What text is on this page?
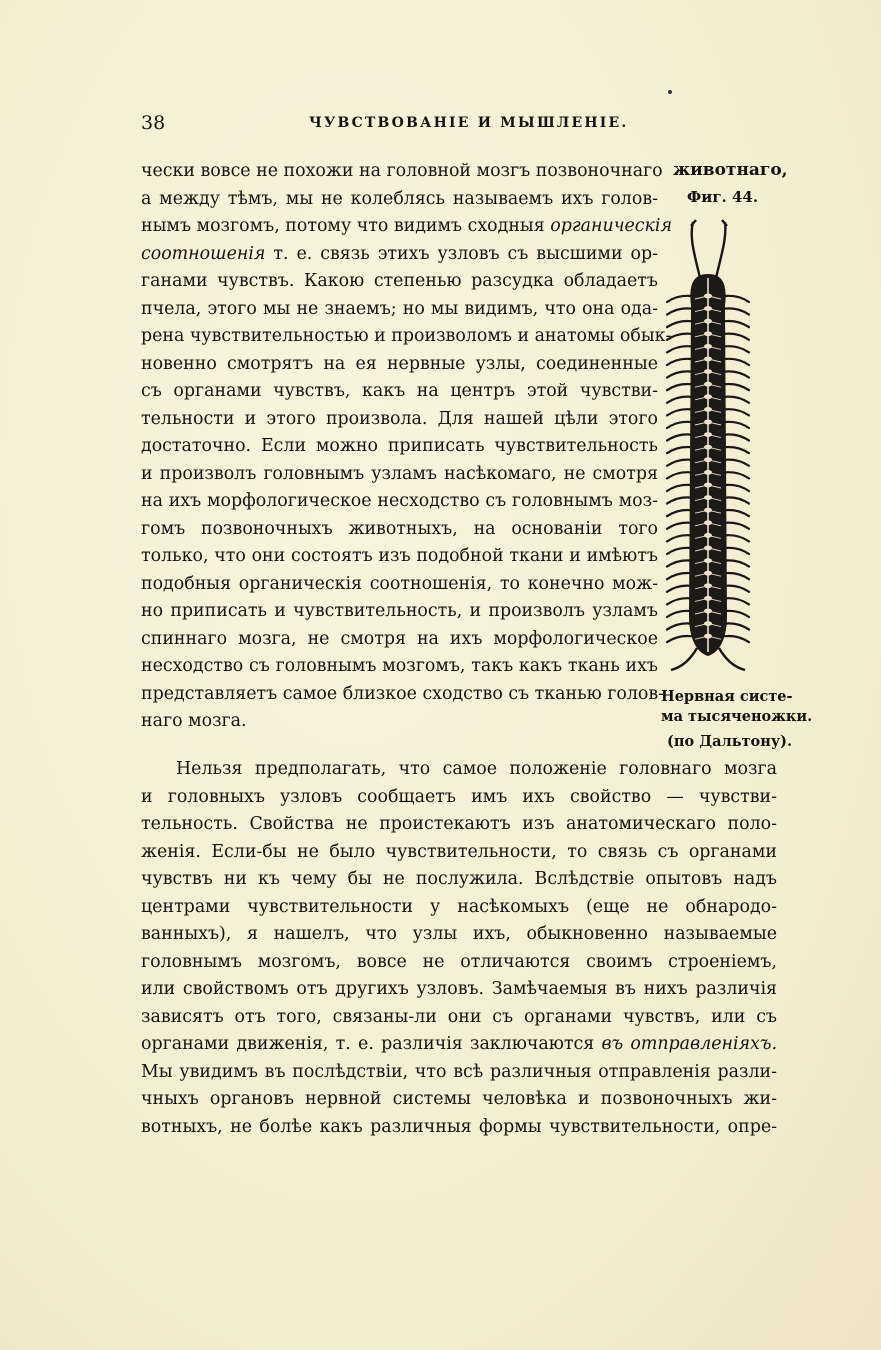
38	ЧУВСТВОВАНІЕ И МЫШЛЕНІЕ.
чески вовсе не похожи на головной мозгъ позвоночнаго
а между тѣмъ, мы не колеблясь называемъ ихъ голов-
нымъ мозгомъ, потому что видимъ сходныя органическія
соотношенія т. е. связь этихъ узловъ съ высшими ор-
ганами чувствъ. Какою степенью разсудка обладаетъ
пчела, этого мы не знаемъ; но мы видимъ, что она ода-
рена чувствительностью и произволомъ и анатомы обык-
новенно смотрятъ на ея нервные узлы, соединенные
съ органами чувствъ, какъ на центръ этой чувстви-
тельности и этого произвола. Для нашей цѣли этого
достаточно. Если можно приписать чувствительность
и произволъ головнымъ узламъ насѣкомаго, не смотря
на ихъ морфологическое несходство съ головнымъ моз-
гомъ позвоночныхъ животныхъ, на основаніи того
только, что они состоятъ изъ подобной ткани и имѣютъ
подобныя органическія соотношенія, то конечно мож-
но приписать и чувствительность, и произволъ узламъ
спиннаго мозга, не смотря на ихъ морфологическое
несходство съ головнымъ мозгомъ, такъ какъ ткань ихъ
представляетъ самое близкое сходство съ тканью голов-
наго мозга.
Нельзя предполагать, что самое положеніе головнаго мозга
и головныхъ узловъ сообщаетъ имъ ихъ свойство — чувстви-
тельность. Свойства не проистекаютъ изъ анатомическаго поло-
женія. Если-бы не было чувствительности, то связь съ органами
чувствъ ни къ чему бы не послужила. Вслѣдствіе опытовъ надъ
центрами чувствительности у насѣкомыхъ (еще не обнародо-
ванныхъ), я нашелъ, что узлы ихъ, обыкновенно называемые
головнымъ мозгомъ, вовсе не отличаются своимъ строеніемъ,
или свойствомъ отъ другихъ узловъ. Замѣчаемыя въ нихъ различія
зависятъ отъ того, связаны-ли они съ органами чувствъ, или съ
органами движенія, т. е. различія заключаются въ отправленіяхъ.
Мы увидимъ въ послѣдствіи, что всѣ различныя отправленія разли-
чныхъ органовъ нервной системы человѣка и позвоночныхъ жи-
вотныхъ, не болѣе какъ различныя формы чувствительности, опре-
животнаго,
Фиг. 44.
Нервная систе-
ма тысяченожки.
(по Дальтону).
